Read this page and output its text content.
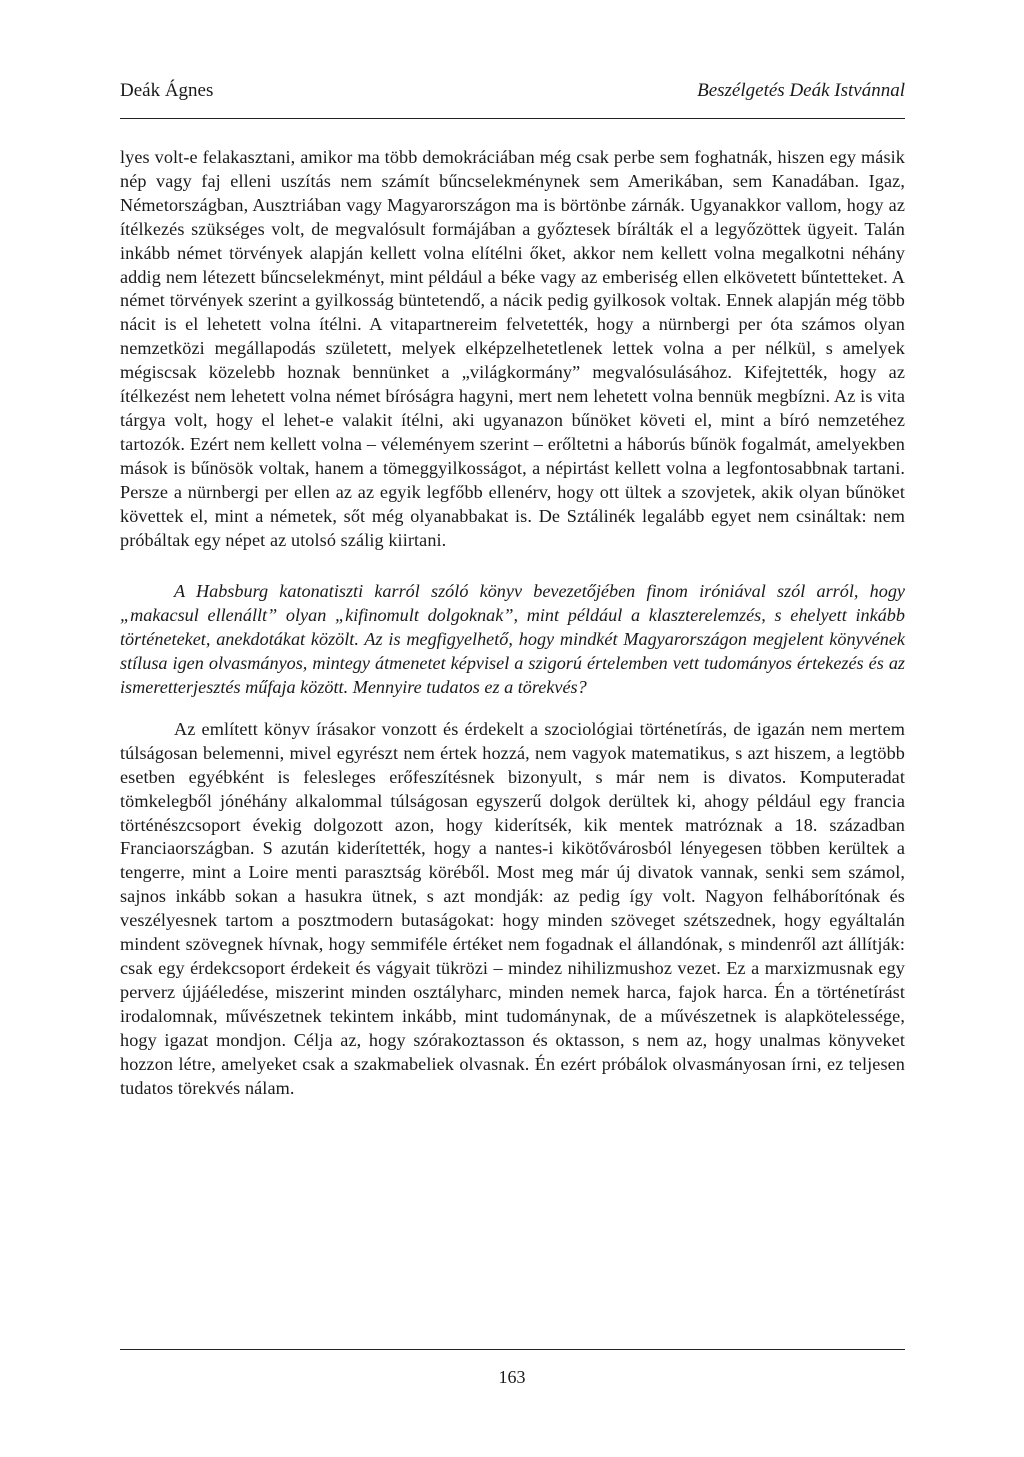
Deák Ágnes	Beszélgetés Deák Istvánnal

lyes volt-e felakasztani, amikor ma több demokráciában még csak perbe sem foghatnák, hiszen egy másik nép vagy faj elleni uszítás nem számít bűncselekménynek sem Amerikában, sem Kanadában. Igaz, Németországban, Ausztriában vagy Magyarországon ma is börtönbe zárnák. Ugyanakkor vallom, hogy az ítélkezés szükséges volt, de megvalósult formájában a győztesek bírálták el a legyőzöttek ügyeit. Talán inkább német törvények alapján kellett volna elítélni őket, akkor nem kellett volna megalkotni néhány addig nem létezett bűncselekményt, mint például a béke vagy az emberiség ellen elkövetett bűntetteket. A német törvények szerint a gyilkosság büntetendő, a nácik pedig gyilkosok voltak. Ennek alapján még több nácit is el lehetett volna ítélni. A vitapartnereim felvetették, hogy a nürnbergi per óta számos olyan nemzetközi megállapodás született, melyek elképzelhetetlenek lettek volna a per nélkül, s amelyek mégiscsak közelebb hoznak bennünket a „világkormány” megvalósulásához. Kifejtették, hogy az ítélkezést nem lehetett volna német bíróságra hagyni, mert nem lehetett volna bennük megbízni. Az is vita tárgya volt, hogy el lehet-e valakit ítélni, aki ugyanazon bűnöket követi el, mint a bíró nemzetéhez tartozók. Ezért nem kellett volna – véleményem szerint – erőltetni a háborús bűnök fogalmát, amelyekben mások is bűnösök voltak, hanem a tömeggyilkosságot, a népirtást kellett volna a legfontosabbnak tartani. Persze a nürnbergi per ellen az az egyik legfőbb ellenérv, hogy ott ültek a szovjetek, akik olyan bűnöket követtek el, mint a németek, sőt még olyanabbakat is. De Sztálinék legalább egyet nem csináltak: nem próbáltak egy népet az utolsó szálig kiirtani.

A Habsburg katonatiszti karról szóló könyv bevezetőjében finom iróniával szól arról, hogy „makacsul ellenállt” olyan „kifinomult dolgoknak”, mint például a klaszterelemzés, s ehelyett inkább történeteket, anekdotákat közölt. Az is megfigyelhető, hogy mindkét Magyarországon megjelent könyvének stílusa igen olvasmányos, mintegy átmenetet képvisel a szigorú értelemben vett tudományos értekezés és az ismeretterjesztés műfaja között. Mennyire tudatos ez a törekvés?

Az említett könyv írásakor vonzott és érdekelt a szociológiai történetírás, de igazán nem mertem túlságosan belemenni, mivel egyrészt nem értek hozzá, nem vagyok matematikus, s azt hiszem, a legtöbb esetben egyébként is felesleges erőfeszítésnek bizonyult, s már nem is divatos. Komputeradat tömkelegből jónéhány alkalommal túlságosan egyszerű dolgok derültek ki, ahogy például egy francia történészcsoport évekig dolgozott azon, hogy kiderítsék, kik mentek matróznak a 18. században Franciaországban. S azután kiderítették, hogy a nantes-i kikötővárosból lényegesen többen kerültek a tengerre, mint a Loire menti parasztság köréből. Most meg már új divatok vannak, senki sem számol, sajnos inkább sokan a hasukra ütnek, s azt mondják: az pedig így volt. Nagyon felháborítónak és veszélyesnek tartom a posztmodern butaságokat: hogy minden szöveget szétszednek, hogy egyáltalán mindent szövegnek hívnak, hogy semmiféle értéket nem fogadnak el állandónak, s mindenről azt állítják: csak egy érdekcsoport érdekeit és vágyait tükrözi – mindez nihilizmushoz vezet. Ez a marxizmusnak egy perverz újjáéledése, miszerint minden osztályharc, minden nemek harca, fajok harca. Én a történetírást irodalomnak, művészetnek tekintem inkább, mint tudománynak, de a művészetnek is alapkötelessége, hogy igazat mondjon. Célja az, hogy szórakoztasson és oktasson, s nem az, hogy unalmas könyveket hozzon létre, amelyeket csak a szakmabeliek olvasnak. Én ezért próbálok olvasmányosan írni, ez teljesen tudatos törekvés nálam.

163
